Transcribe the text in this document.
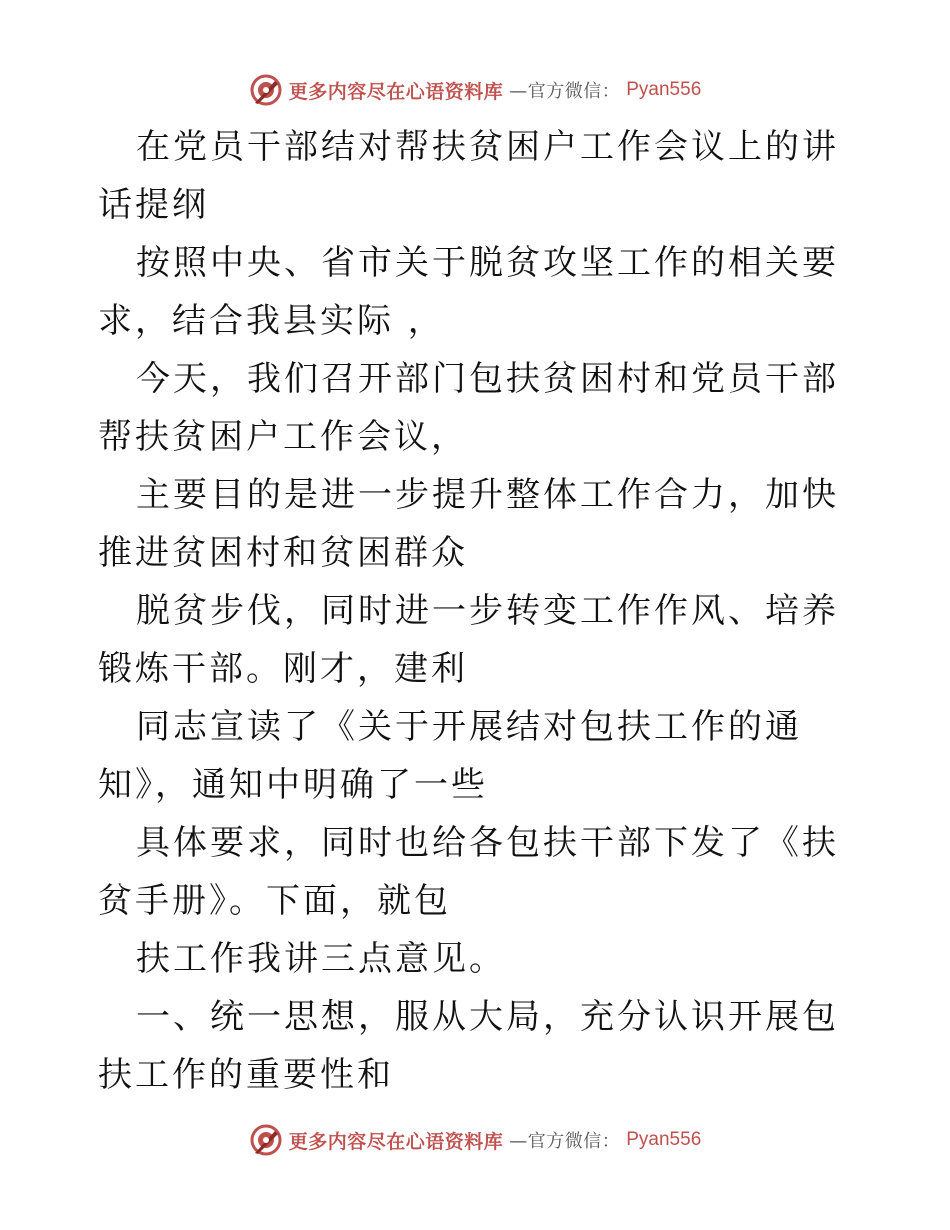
更多内容尽在心语资料库 —官方微信： Pyan556

在党员干部结对帮扶贫困户工作会议上的讲话提纲

按照中央、省市关于脱贫攻坚工作的相关要求，结合我县实际 ，

今天，我们召开部门包扶贫困村和党员干部帮扶贫困户工作会议，

主要目的是进一步提升整体工作合力，加快推进贫困村和贫困群众

脱贫步伐，同时进一步转变工作作风、培养锻炼干部。刚才，建利

同志宣读了《关于开展结对包扶工作的通知》，通知中明确了一些

具体要求，同时也给各包扶干部下发了《扶贫手册》。下面，就包

扶工作我讲三点意见。

一、统一思想，服从大局，充分认识开展包扶工作的重要性和

更多内容尽在心语资料库 —官方微信： Pyan556
